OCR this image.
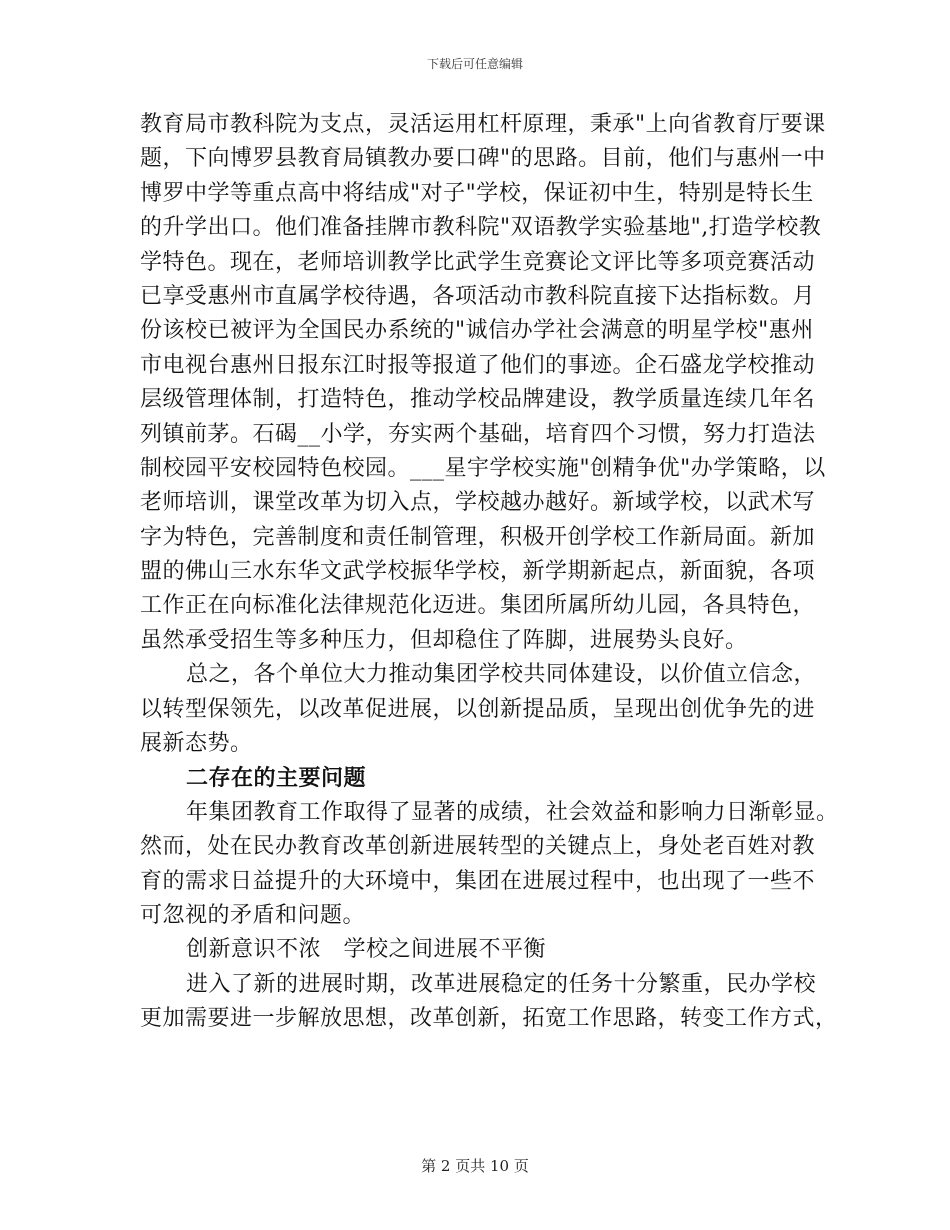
下载后可任意编辑
教育局市教科院为支点，灵活运用杠杆原理，秉承"上向省教育厅要课
题，下向博罗县教育局镇教办要口碑"的思路。目前，他们与惠州一中
博罗中学等重点高中将结成"对子"学校，保证初中生，特别是特长生
的升学出口。他们准备挂牌市教科院"双语教学实验基地",打造学校教
学特色。现在，老师培训教学比武学生竞赛论文评比等多项竞赛活动
已享受惠州市直属学校待遇，各项活动市教科院直接下达指标数。月
份该校已被评为全国民办系统的"诚信办学社会满意的明星学校"惠州
市电视台惠州日报东江时报等报道了他们的事迹。企石盛龙学校推动
层级管理体制，打造特色，推动学校品牌建设，教学质量连续几年名
列镇前茅。石碣__小学，夯实两个基础，培育四个习惯，努力打造法
制校园平安校园特色校园。___星宇学校实施"创精争优"办学策略，以
老师培训，课堂改革为切入点，学校越办越好。新域学校，以武术写
字为特色，完善制度和责任制管理，积极开创学校工作新局面。新加
盟的佛山三水东华文武学校振华学校，新学期新起点，新面貌，各项
工作正在向标准化法律规范化迈进。集团所属所幼儿园，各具特色，
虽然承受招生等多种压力，但却稳住了阵脚，进展势头良好。
总之，各个单位大力推动集团学校共同体建设，以价值立信念，
以转型保领先，以改革促进展，以创新提品质，呈现出创优争先的进
展新态势。
二存在的主要问题
年集团教育工作取得了显著的成绩，社会效益和影响力日渐彰显。
然而，处在民办教育改革创新进展转型的关键点上，身处老百姓对教
育的需求日益提升的大环境中，集团在进展过程中，也出现了一些不
可忽视的矛盾和问题。
创新意识不浓　学校之间进展不平衡
进入了新的进展时期，改革进展稳定的任务十分繁重，民办学校
更加需要进一步解放思想，改革创新，拓宽工作思路，转变工作方式，
第 2 页共 10 页
